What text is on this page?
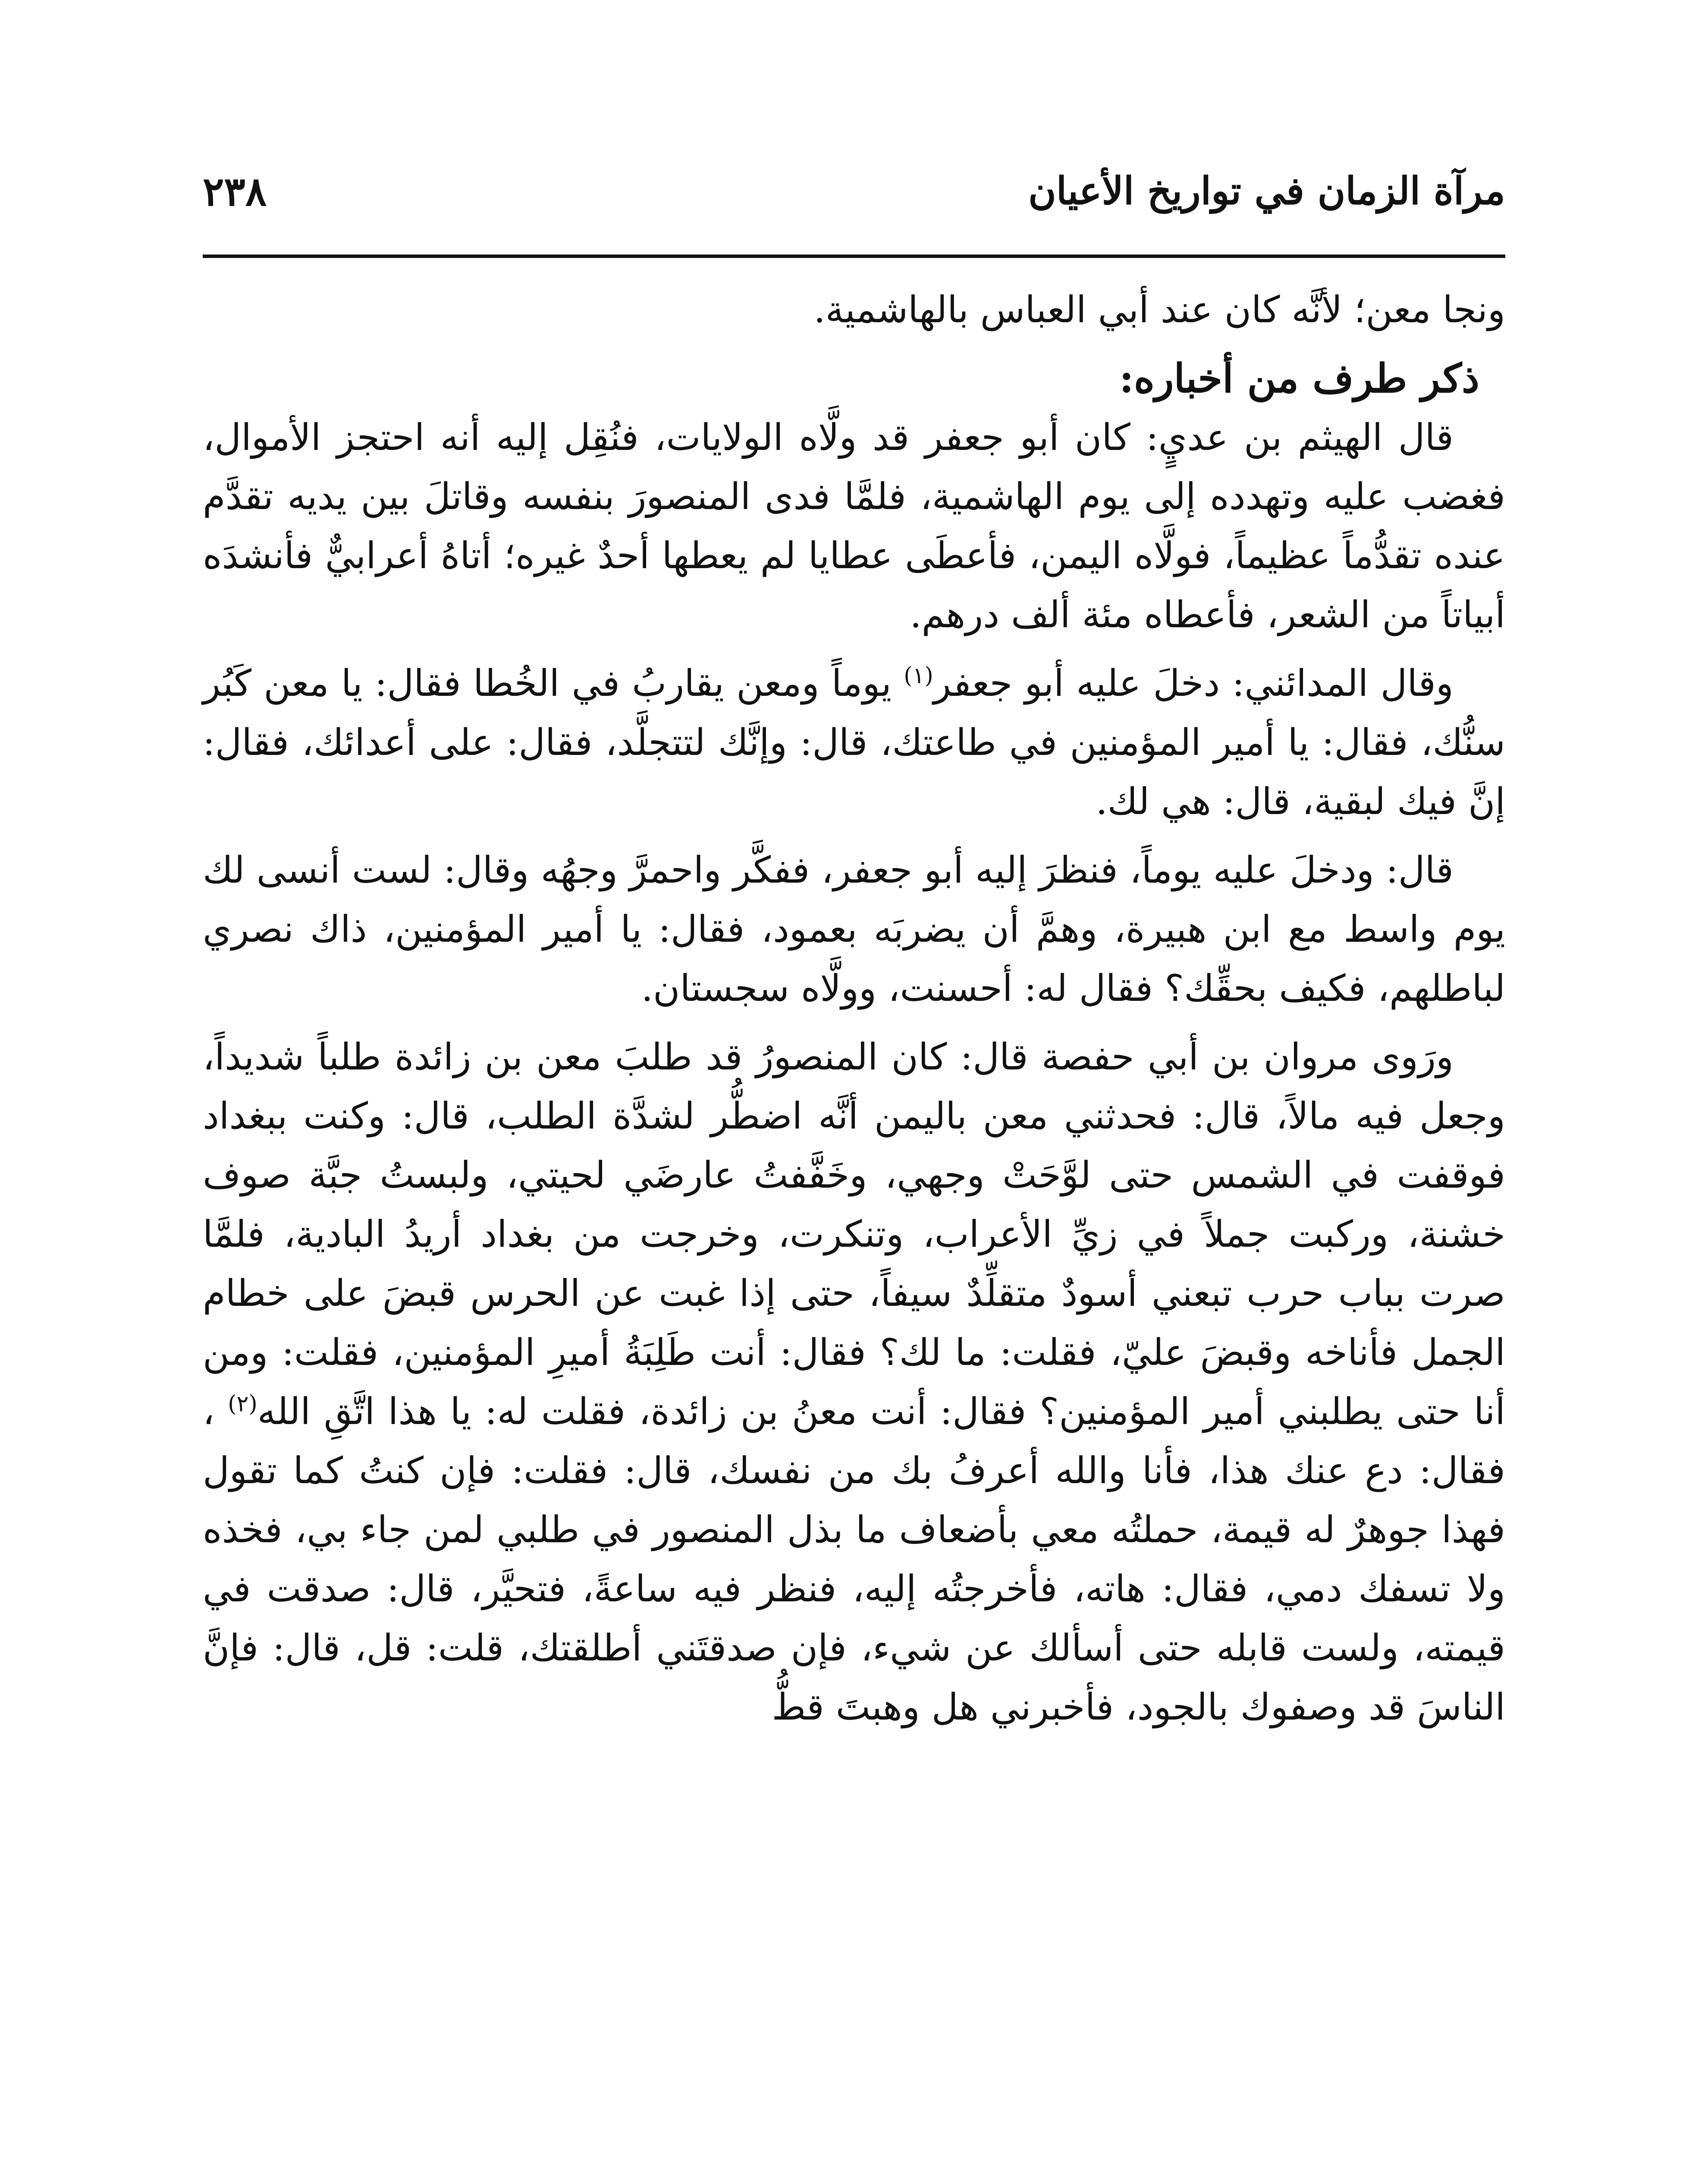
مرآة الزمان في تواريخ الأعيان
٢٣٨

ونجا معن؛ لأنَّه كان عند أبي العباس بالهاشمية.

ذكر طرف من أخباره:

قال الهيثم بن عديٍ: كان أبو جعفر قد ولَّاه الولايات، فنُقِل إليه أنه احتجز الأموال، فغضب عليه وتهدده إلى يوم الهاشمية، فلمَّا فدى المنصورَ بنفسه وقاتلَ بين يديه تقدَّم عنده تقدُّماً عظيماً، فولَّاه اليمن، فأعطَى عطايا لم يعطها أحدٌ غيره؛ أتاهُ أعرابيٌّ فأنشدَه أبياتاً من الشعر، فأعطاه مئة ألف درهم.

وقال المدائني: دخلَ عليه أبو جعفر$^{(١)}$ يوماً ومعن يقاربُ في الخُطا فقال: يا معن كَبُر سنُّك، فقال: يا أمير المؤمنين في طاعتك، قال: وإنَّك لتتجلَّد، فقال: على أعدائك، فقال: إنَّ فيك لبقية، قال: هي لك.

قال: ودخلَ عليه يوماً، فنظرَ إليه أبو جعفر، ففكَّر واحمرَّ وجهُه وقال: لست أنسى لك يوم واسط مع ابن هبيرة، وهمَّ أن يضربَه بعمود، فقال: يا أمير المؤمنين، ذاك نصري لباطلهم، فكيف بحقِّك؟ فقال له: أحسنت، وولَّاه سجستان.

ورَوى مروان بن أبي حفصة قال: كان المنصورُ قد طلبَ معن بن زائدة طلباً شديداً، وجعل فيه مالاً، قال: فحدثني معن باليمن أنَّه اضطُّر لشدَّة الطلب، قال: وكنت ببغداد فوقفت في الشمس حتى لوَّحَتْ وجهي، وخَفَّفتُ عارضَي لحيتي، ولبستُ جبَّة صوف خشنة، وركبت جملاً في زيِّ الأعراب، وتنكرت، وخرجت من بغداد أريدُ البادية، فلمَّا صرت بباب حرب تبعني أسودٌ متقلِّدٌ سيفاً، حتى إذا غبت عن الحرس قبضَ على خطام الجمل فأناخه وقبضَ عليّ، فقلت: ما لك؟ فقال: أنت طَلِبَةُ أميرِ المؤمنين، فقلت: ومن أنا حتى يطلبني أمير المؤمنين؟ فقال: أنت معنُ بن زائدة، فقلت له: يا هذا اتَّقِ الله$^{(٢)}$ ، فقال: دع عنك هذا، فأنا والله أعرفُ بك من نفسك، قال: فقلت: فإن كنتُ كما تقول فهذا جوهرٌ له قيمة، حملتُه معي بأضعاف ما بذل المنصور في طلبي لمن جاء بي، فخذه ولا تسفك دمي، فقال: هاته، فأخرجتُه إليه، فنظر فيه ساعةً، فتحيَّر، قال: صدقت في قيمته، ولست قابله حتى أسألك عن شيء، فإن صدقتَني أطلقتك، قلت: قل، قال: فإنَّ الناسَ قد وصفوك بالجود، فأخبرني هل وهبتَ قطُّ
